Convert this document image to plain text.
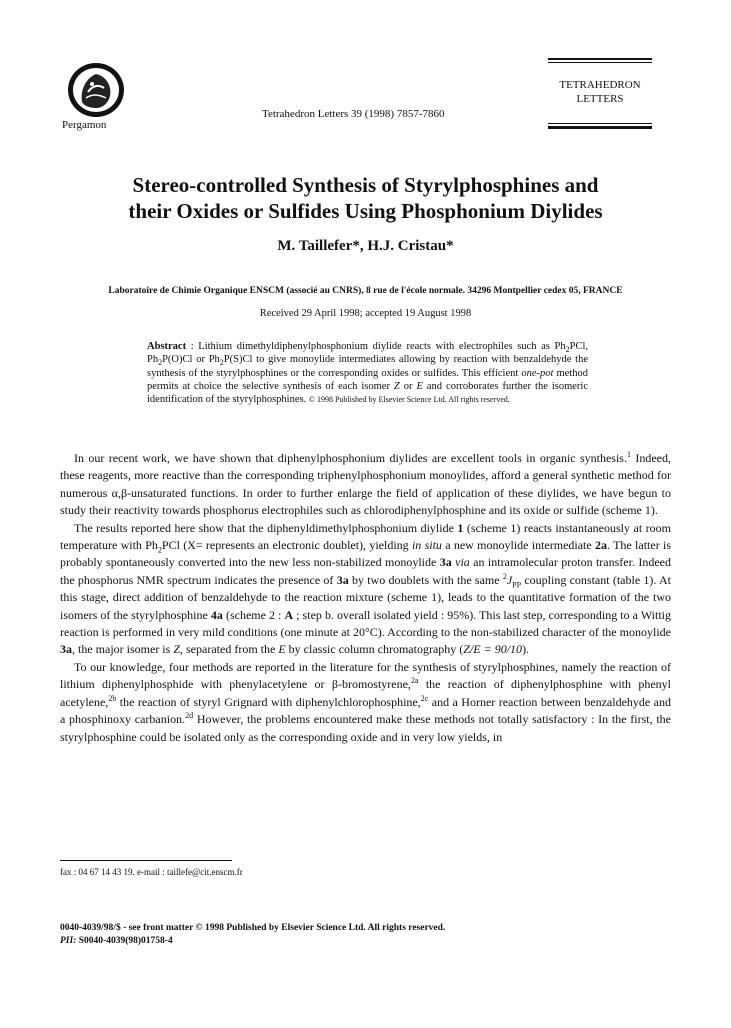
Pergamon
Tetrahedron Letters 39 (1998) 7857-7860
TETRAHEDRON
LETTERS
Stereo-controlled Synthesis of Styrylphosphines and
their Oxides or Sulfides Using Phosphonium Diylides
M. Taillefer*, H.J. Cristau*
Laboratoire de Chimie Organique ENSCM (associé au CNRS), 8 rue de l'école normale. 34296 Montpellier cedex 05, FRANCE
Received 29 April 1998; accepted 19 August 1998
Abstract : Lithium dimethyldiphenylphosphonium diylide reacts with electrophiles such as $Ph_2PCl$, $Ph_2P(O)Cl$ or $Ph_2P(S)Cl$ to give monoylide intermediates allowing by reaction with benzaldehyde the synthesis of the styrylphosphines or the corresponding oxides or sulfides. This efficient one-pot method permits at choice the selective synthesis of each isomer Z or E and corroborates further the isomeric identification of the styrylphosphines. © 1998 Published by Elsevier Science Ltd. All rights reserved.

In our recent work, we have shown that diphenylphosphonium diylides are excellent tools in organic synthesis.$^1$ Indeed, these reagents, more reactive than the corresponding triphenylphosphonium monoylides, afford a general synthetic method for numerous α,β-unsaturated functions. In order to further enlarge the field of application of these diylides, we have begun to study their reactivity towards phosphorus electrophiles such as chlorodiphenylphosphine and its oxide or sulfide (scheme 1).

The results reported here show that the diphenyldimethylphosphonium diylide 1 (scheme 1) reacts instantaneously at room temperature with $Ph_2PCl$ (X= represents an electronic doublet), yielding in situ a new monoylide intermediate 2a. The latter is probably spontaneously converted into the new less non-stabilized monoylide 3a via an intramolecular proton transfer. Indeed the phosphorus NMR spectrum indicates the presence of 3a by two doublets with the same $^2J_{PP}$ coupling constant (table 1). At this stage, direct addition of benzaldehyde to the reaction mixture (scheme 1), leads to the quantitative formation of the two isomers of the styrylphosphine 4a (scheme 2 : A ; step b. overall isolated yield : 95%). This last step, corresponding to a Wittig reaction is performed in very mild conditions (one minute at 20°C). According to the non-stabilized character of the monoylide 3a, the major isomer is Z, separated from the E by classic column chromatography (Z/E = 90/10).

To our knowledge, four methods are reported in the literature for the synthesis of styrylphosphines, namely the reaction of lithium diphenylphosphide with phenylacetylene or β-bromostyrene,$^{2a}$ the reaction of diphenylphosphine with phenyl acetylene,$^{2b}$ the reaction of styryl Grignard with diphenylchlorophosphine,$^{2c}$ and a Horner reaction between benzaldehyde and a phosphinoxy carbanion.$^{2d}$ However, the problems encountered make these methods not totally satisfactory : In the first, the styrylphosphine could be isolated only as the corresponding oxide and in very low yields, in

fax : 04 67 14 43 19. e-mail : taillefe@cit.enscm.fr
0040-4039/98/$ - see front matter © 1998 Published by Elsevier Science Ltd. All rights reserved.
PII: S0040-4039(98)01758-4
